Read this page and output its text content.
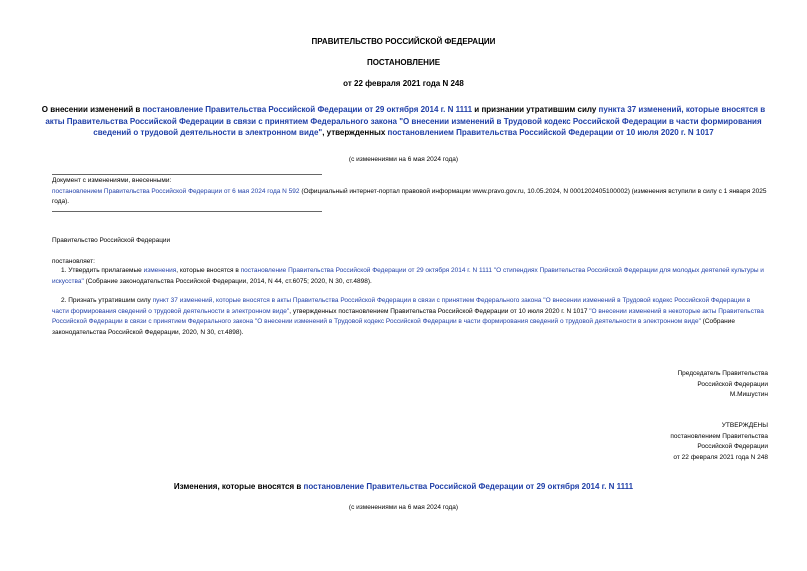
ПРАВИТЕЛЬСТВО РОССИЙСКОЙ ФЕДЕРАЦИИ
ПОСТАНОВЛЕНИЕ
от 22 февраля 2021 года N 248
О внесении изменений в постановление Правительства Российской Федерации от 29 октября 2014 г. N 1111 и признании утратившим силу пункта 37 изменений, которые вносятся в акты Правительства Российской Федерации в связи с принятием Федерального закона "О внесении изменений в Трудовой кодекс Российской Федерации в части формирования сведений о трудовой деятельности в электронном виде", утвержденных постановлением Правительства Российской Федерации от 10 июля 2020 г. N 1017
(с изменениями на 6 мая 2024 года)
Документ с изменениями, внесенными:
постановлением Правительства Российской Федерации от 6 мая 2024 года N 592 (Официальный интернет-портал правовой информации www.pravo.gov.ru, 10.05.2024, N 0001202405100002) (изменения вступили в силу с 1 января 2025 года).
Правительство Российской Федерации
постановляет:
1. Утвердить прилагаемые изменения, которые вносятся в постановление Правительства Российской Федерации от 29 октября 2014 г. N 1111 "О стипендиях Правительства Российской Федерации для молодых деятелей культуры и искусства" (Собрание законодательства Российской Федерации, 2014, N 44, ст.6075; 2020, N 30, ст.4898).
2. Признать утратившим силу пункт 37 изменений, которые вносятся в акты Правительства Российской Федерации в связи с принятием Федерального закона "О внесении изменений в Трудовой кодекс Российской Федерации в части формирования сведений о трудовой деятельности в электронном виде", утвержденных постановлением Правительства Российской Федерации от 10 июля 2020 г. N 1017 "О внесении изменений в некоторые акты Правительства Российской Федерации в связи с принятием Федерального закона "О внесении изменений в Трудовой кодекс Российской Федерации в части формирования сведений о трудовой деятельности в электронном виде" (Собрание законодательства Российской Федерации, 2020, N 30, ст.4898).
Председатель Правительства
Российской Федерации
М.Мишустин
УТВЕРЖДЕНЫ
постановлением Правительства
Российской Федерации
от 22 февраля 2021 года N 248
Изменения, которые вносятся в постановление Правительства Российской Федерации от 29 октября 2014 г. N 1111
(с изменениями на 6 мая 2024 года)
